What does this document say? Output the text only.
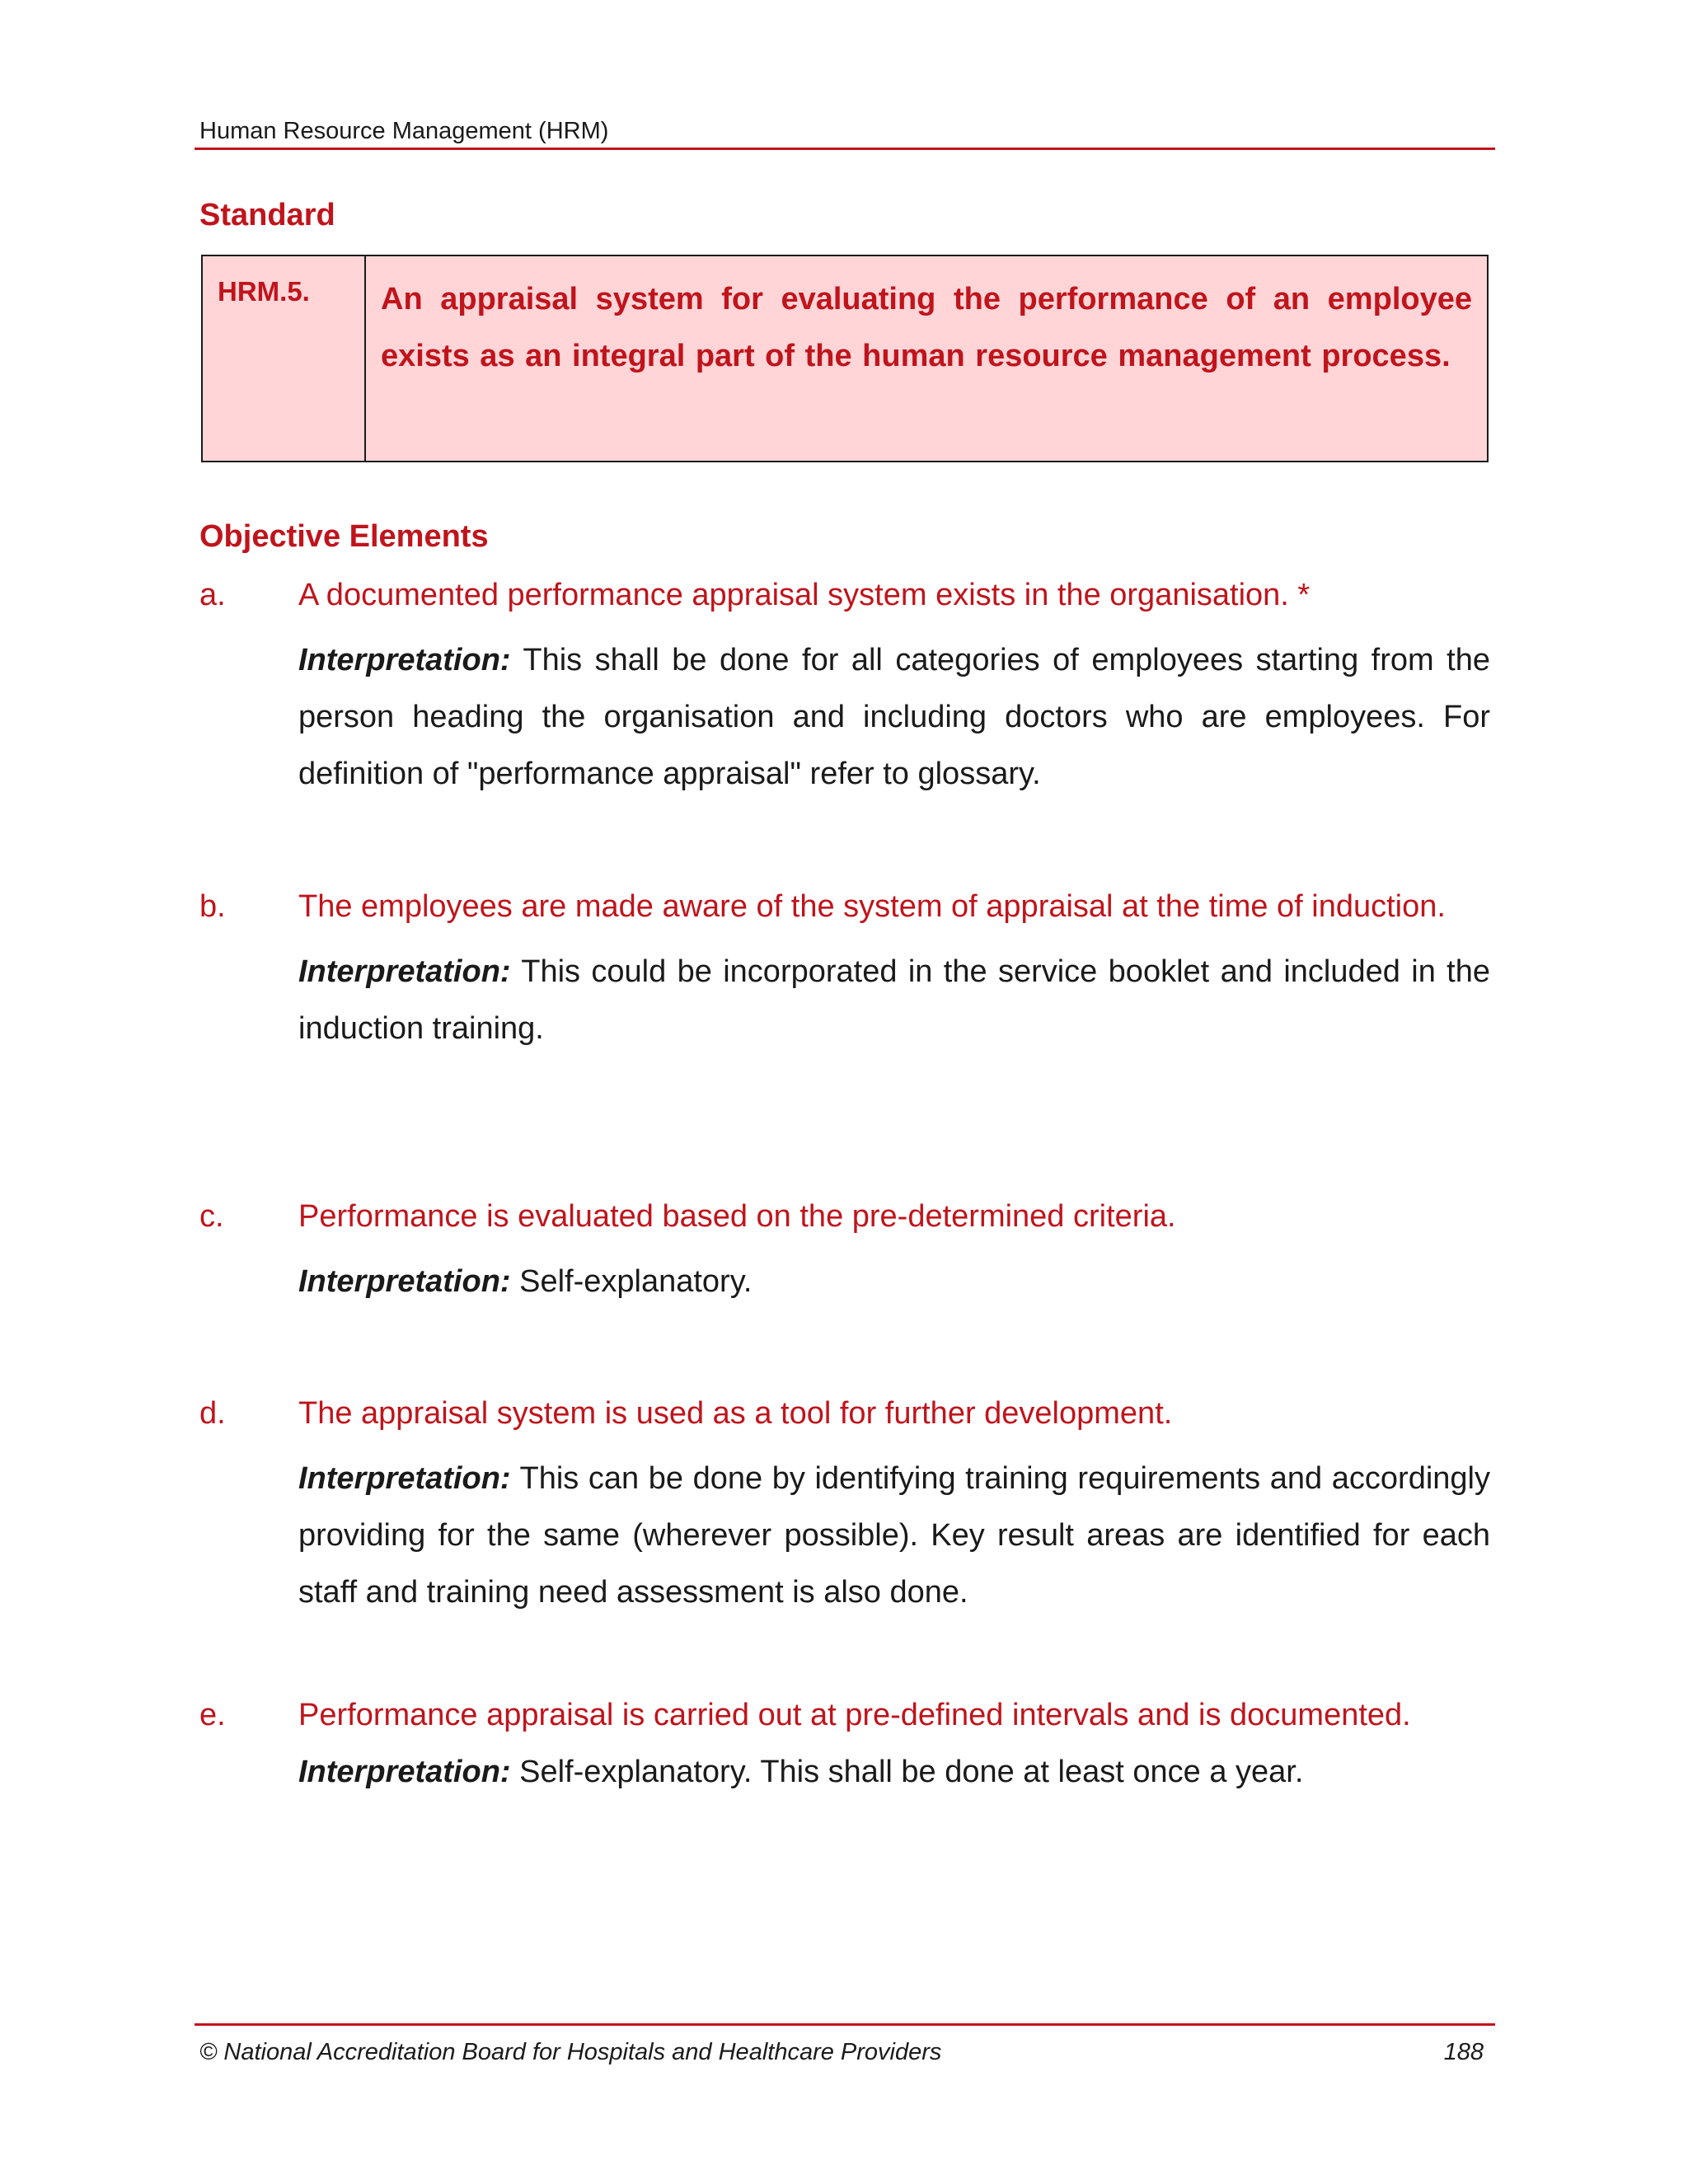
Human Resource Management (HRM)
Standard
HRM.5.	An appraisal system for evaluating the performance of an employee exists as an integral part of the human resource management process.
Objective Elements
a.	A documented performance appraisal system exists in the organisation. *
Interpretation: This shall be done for all categories of employees starting from the person heading the organisation and including doctors who are employees. For definition of "performance appraisal" refer to glossary.
b.	The employees are made aware of the system of appraisal at the time of induction.
Interpretation: This could be incorporated in the service booklet and included in the induction training.
c.	Performance is evaluated based on the pre-determined criteria.
Interpretation: Self-explanatory.
d.	The appraisal system is used as a tool for further development.
Interpretation: This can be done by identifying training requirements and accordingly providing for the same (wherever possible). Key result areas are identified for each staff and training need assessment is also done.
e.	Performance appraisal is carried out at pre-defined intervals and is documented.
Interpretation: Self-explanatory. This shall be done at least once a year.
© National Accreditation Board for Hospitals and Healthcare Providers	188
